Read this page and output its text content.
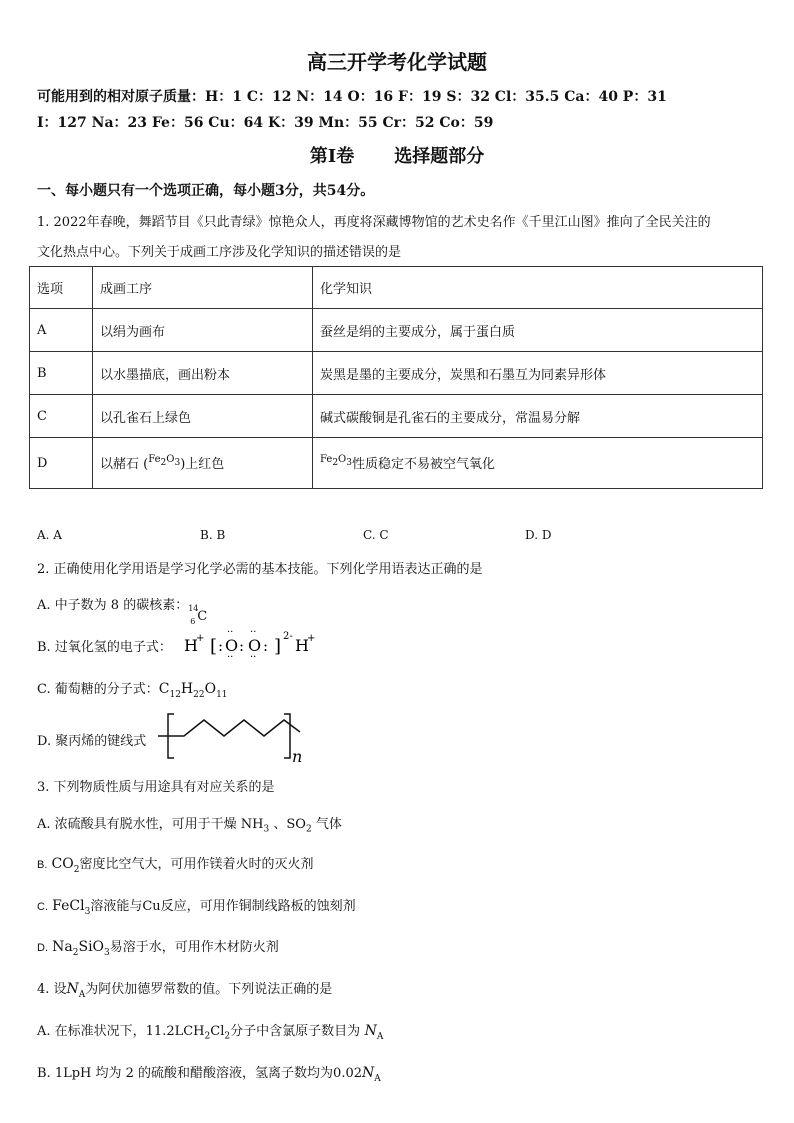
高三开学考化学试题
可能用到的相对原子质量：H：1 C：12 N：14 O：16 F：19 S：32 Cl：35.5 Ca：40 P：31
I：127 Na：23 Fe：56 Cu：64 K：39 Mn：55 Cr：52 Co：59
第Ⅰ卷 选择题部分
一、每小题只有一个选项正确，每小题3分，共54分。
1. 2022年春晚，舞蹈节目《只此青绿》惊艳众人，再度将深藏博物馆的艺术史名作《千里江山图》推向了全民关注的
文化热点中心。下列关于成画工序涉及化学知识的描述错误的是
选项	成画工序	化学知识
A	以绢为画布	蚕丝是绢的主要成分，属于蛋白质
B	以水墨描底，画出粉本	炭黑是墨的主要成分，炭黑和石墨互为同素异形体
C	以孔雀石上绿色	碱式碳酸铜是孔雀石的主要成分，常温易分解
D	以赭石 ($^{Fe_2O_3}$)上红色	$^{Fe_2O_3}$性质稳定不易被空气氧化
A. A	B. B	C. C	D. D
2. 正确使用化学用语是学习化学必需的基本技能。下列化学用语表达正确的是
A. 中子数为 8 的碳核素： 14
6 C
B. 过氧化氢的电子式： H
+ [ : O
··
··
: O
··
··
: ] 2- H
+
C. 葡萄糖的分子式：$C_{12}H_{22}O_{11}$
D. 聚丙烯的键线式
n
3. 下列物质性质与用途具有对应关系的是
A. 浓硫酸具有脱水性，可用于干燥 $NH_3$ 、$SO_2$ 气体
B. $CO_2$密度比空气大，可用作镁着火时的灭火剂
C. FeCl$_3$溶液能与Cu反应，可用作铜制线路板的蚀刻剂
D. $Na_2SiO_3$易溶于水，可用作木材防火剂
4. 设$N_A$为阿伏加德罗常数的值。下列说法正确的是
A. 在标准状况下，$11.2LCH_2Cl_2$分子中含氯原子数目为 $N_A$
B. 1LpH 均为 2 的硫酸和醋酸溶液，氢离子数均为$0.02N_A$
